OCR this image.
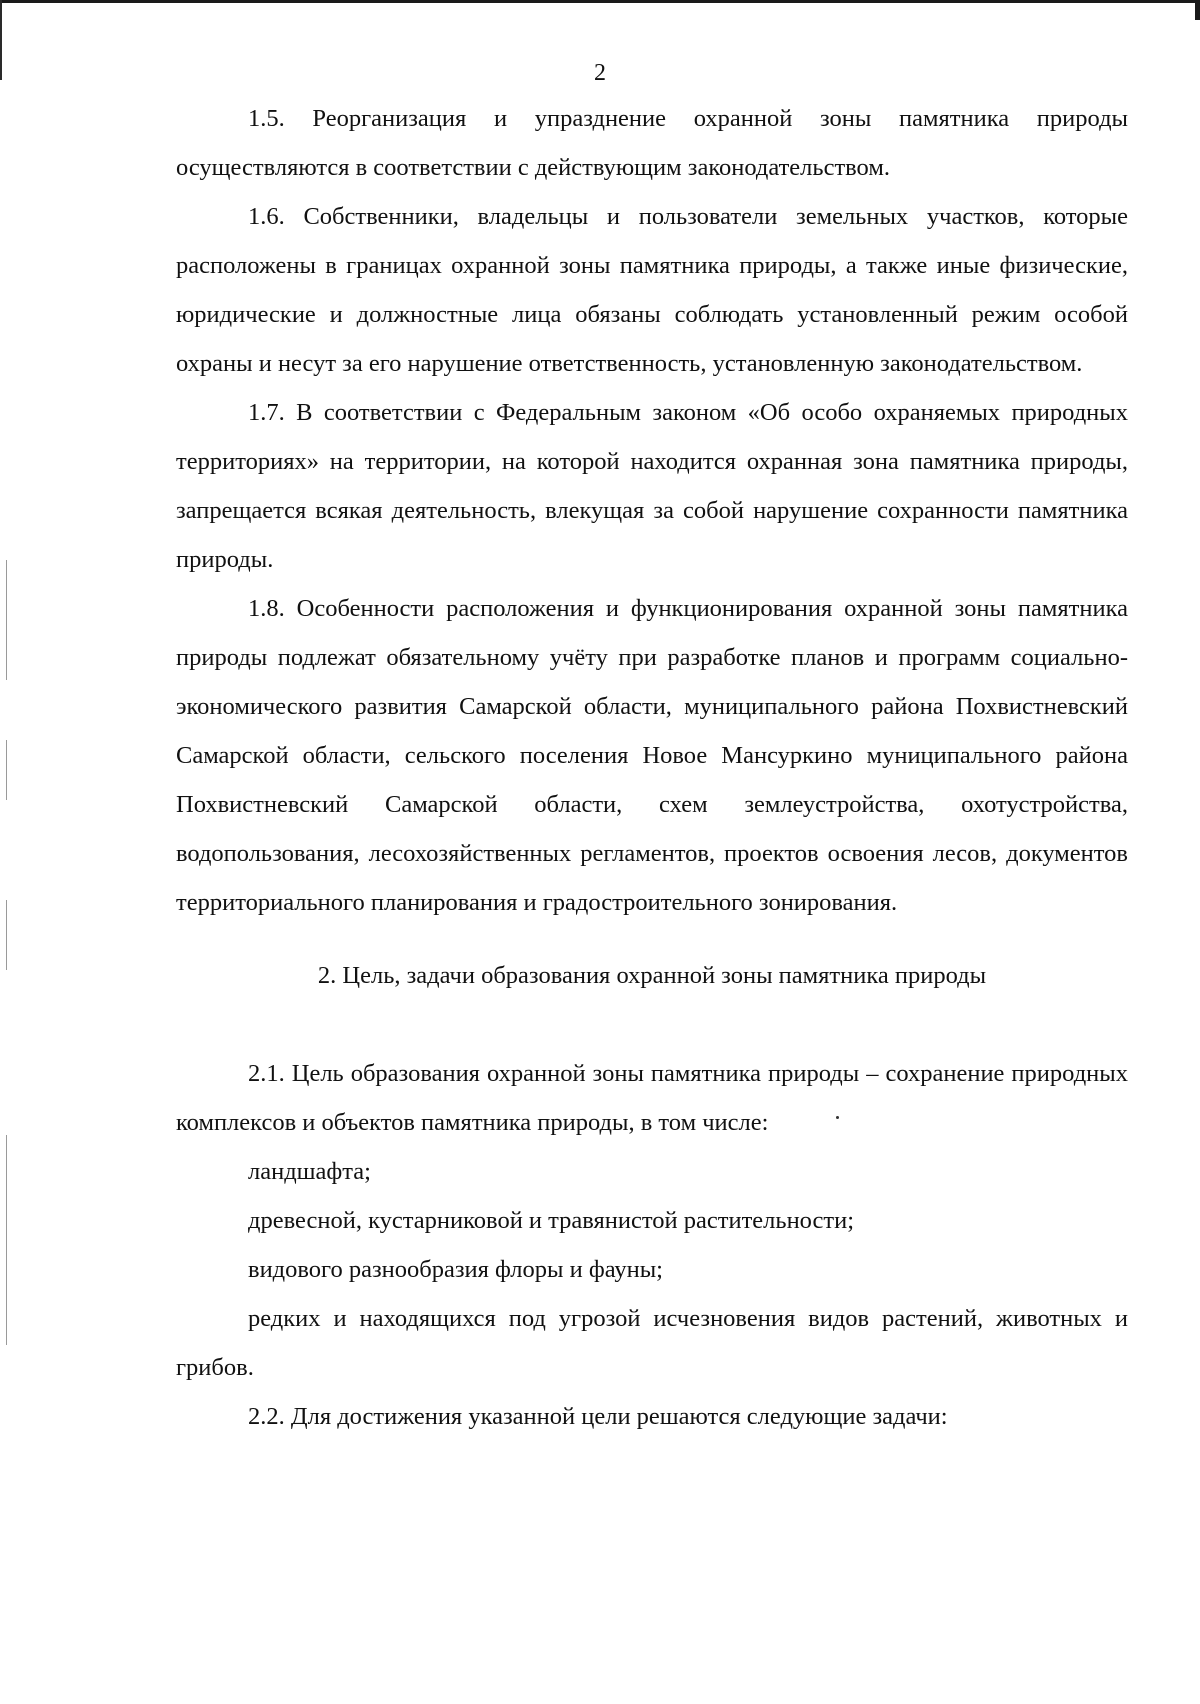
2

1.5. Реорганизация и упразднение охранной зоны памятника природы осуществляются в соответствии с действующим законодательством.

1.6. Собственники, владельцы и пользователи земельных участков, которые расположены в границах охранной зоны памятника природы, а также иные физические, юридические и должностные лица обязаны соблюдать установленный режим особой охраны и несут за его нарушение ответственность, установленную законодательством.

1.7. В соответствии с Федеральным законом «Об особо охраняемых природных территориях» на территории, на которой находится охранная зона памятника природы, запрещается всякая деятельность, влекущая за собой нарушение сохранности памятника природы.

1.8. Особенности расположения и функционирования охранной зоны памятника природы подлежат обязательному учёту при разработке планов и программ социально-экономического развития Самарской области, муниципального района Похвистневский Самарской области, сельского поселения Новое Мансуркино муниципального района Похвистневский Самарской области, схем землеустройства, охотустройства, водопользования, лесохозяйственных регламентов, проектов освоения лесов, документов территориального планирования и градостроительного зонирования.

2. Цель, задачи образования охранной зоны памятника природы

2.1. Цель образования охранной зоны памятника природы – сохранение природных комплексов и объектов памятника природы, в том числе:

ландшафта;

древесной, кустарниковой и травянистой растительности;

видового разнообразия флоры и фауны;

редких и находящихся под угрозой исчезновения видов растений, животных и грибов.

2.2. Для достижения указанной цели решаются следующие задачи:
